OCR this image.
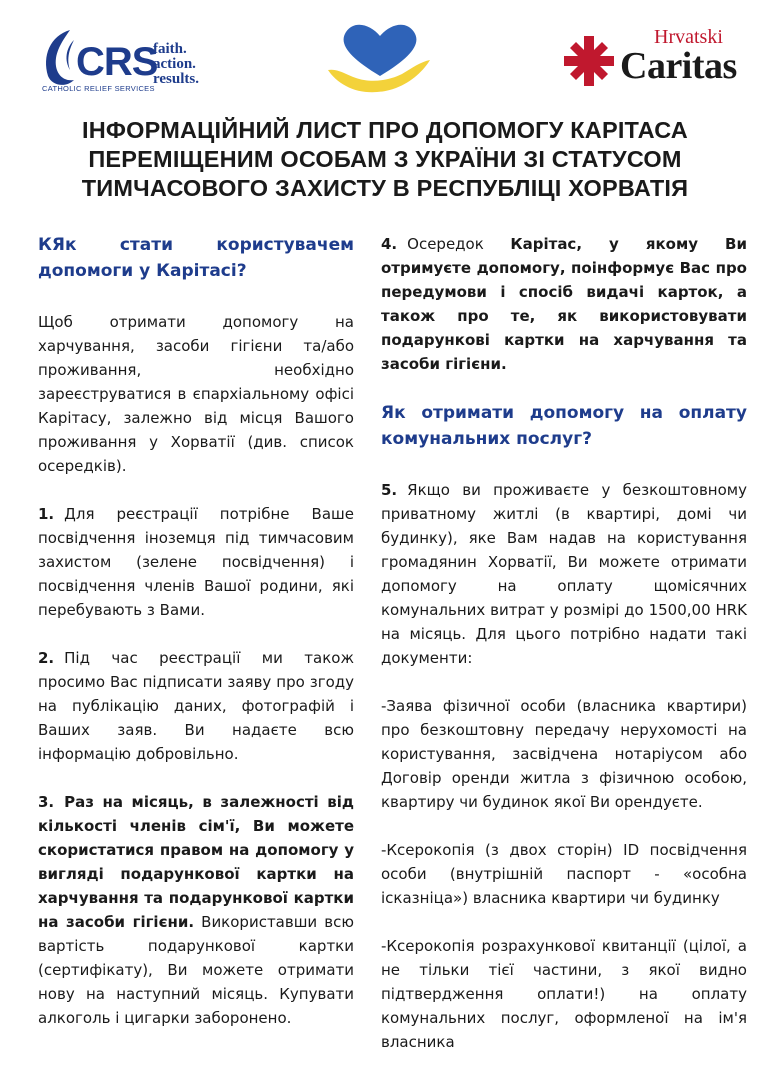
CRS
CATHOLIC RELIEF SERVICES
faith.
action.
results.
Hrvatski
Caritas
ІНФОРМАЦІЙНИЙ ЛИСТ ПРО ДОПОМОГУ КАРІТАСА
ПЕРЕМІЩЕНИМ ОСОБАМ З УКРАЇНИ ЗІ СТАТУСОМ
ТИМЧАСОВОГО ЗАХИСТУ В РЕСПУБЛІЦІ ХОРВАТІЯ
КЯк стати користувачем допомоги у Карітасі?

Щоб отримати допомогу на харчування, засоби гігієни та/або проживання, необхідно зареєструватися в єпархіальному офісі Карітасу, залежно від місця Вашого проживання у Хорватії (див. список осередків).

1. Для реєстрації потрібне Ваше посвідчення іноземця під тимчасовим захистом (зелене посвідчення) і посвідчення членів Вашої родини, які перебувають з Вами.

2. Під час реєстрації ми також просимо Вас підписати заяву про згоду на публікацію даних, фотографій і Ваших заяв. Ви надаєте всю інформацію добровільно.

3. Раз на місяць, в залежності від кількості членів сім'ї, Ви можете скористатися правом на допомогу у вигляді подарункової картки на харчування та подарункової картки на засоби гігієни. Використавши всю вартість подарункової картки (сертифікату), Ви можете отримати нову на наступний місяць. Купувати алкоголь і цигарки заборонено.

4. Осередок Карітас, у якому Ви отримуєте допомогу, поінформує Вас про передумови і спосіб видачі карток, а також про те, як використовувати подарункові картки на харчування та засоби гігієни.

Як отримати допомогу на оплату комунальних послуг?

5. Якщо ви проживаєте у безкоштовному приватному житлі (в квартирі, домі чи будинку), яке Вам надав на користування громадянин Хорватії, Ви можете отримати допомогу на оплату щомісячних комунальних витрат у розмірі до 1500,00 HRK на місяць. Для цього потрібно надати такі документи:

-Заява фізичної особи (власника квартири) про безкоштовну передачу нерухомості на користування, засвідчена нотаріусом або Договір оренди житла з фізичною особою, квартиру чи будинок якої Ви орендуєте.

-Ксерокопія (з двох сторін) ID посвідчення особи (внутрішній паспорт - «особна ісказніца») власника квартири чи будинку

-Ксерокопія розрахункової квитанції (цілої, а не тільки тієї частини, з якої видно підтвердження оплати!) на оплату комунальних послуг, оформленої на ім'я власника
